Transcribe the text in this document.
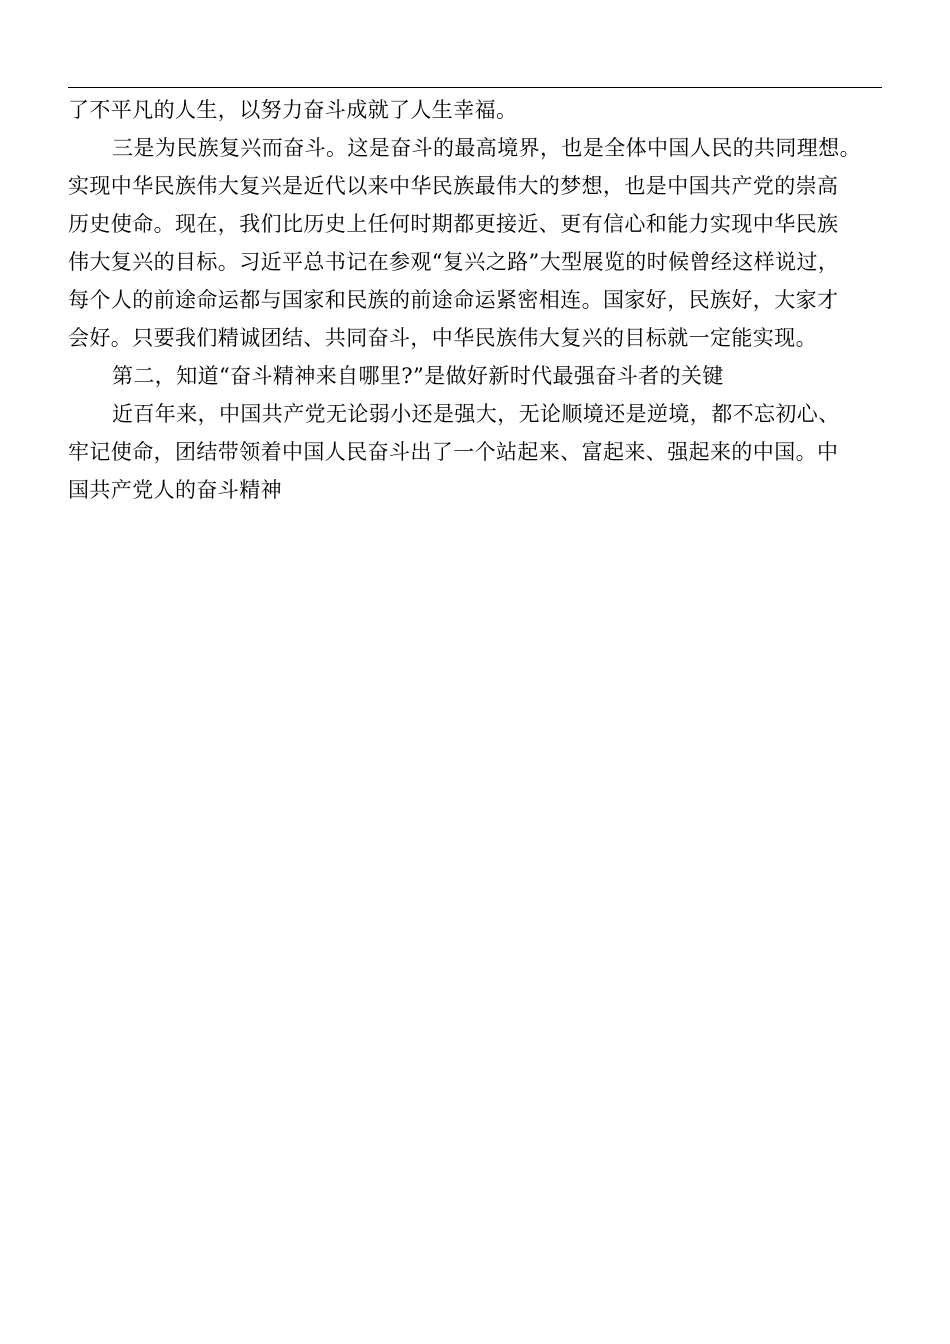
了不平凡的人生，以努力奋斗成就了人生幸福。
三是为民族复兴而奋斗。这是奋斗的最高境界，也是全体中国人民的共同理想。
实现中华民族伟大复兴是近代以来中华民族最伟大的梦想，也是中国共产党的崇高
历史使命。现在，我们比历史上任何时期都更接近、更有信心和能力实现中华民族
伟大复兴的目标。习近平总书记在参观“复兴之路”大型展览的时候曾经这样说过，
每个人的前途命运都与国家和民族的前途命运紧密相连。国家好，民族好，大家才
会好。只要我们精诚团结、共同奋斗，中华民族伟大复兴的目标就一定能实现。
第二，知道“奋斗精神来自哪里?”是做好新时代最强奋斗者的关键
近百年来，中国共产党无论弱小还是强大，无论顺境还是逆境，都不忘初心、
牢记使命，团结带领着中国人民奋斗出了一个站起来、富起来、强起来的中国。中
国共产党人的奋斗精神
